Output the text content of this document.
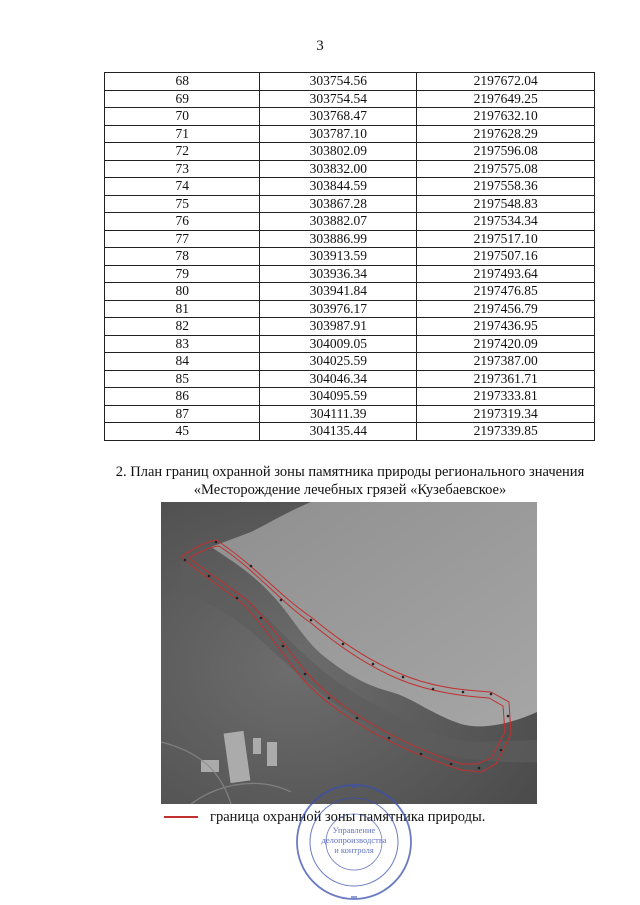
3
68	303754.56	2197672.04
69	303754.54	2197649.25
70	303768.47	2197632.10
71	303787.10	2197628.29
72	303802.09	2197596.08
73	303832.00	2197575.08
74	303844.59	2197558.36
75	303867.28	2197548.83
76	303882.07	2197534.34
77	303886.99	2197517.10
78	303913.59	2197507.16
79	303936.34	2197493.64
80	303941.84	2197476.85
81	303976.17	2197456.79
82	303987.91	2197436.95
83	304009.05	2197420.09
84	304025.59	2197387.00
85	304046.34	2197361.71
86	304095.59	2197333.81
87	304111.39	2197319.34
45	304135.44	2197339.85
2. План границ охранной зоны памятника природы регионального значения
«Месторождение лечебных грязей «Кузебаевское»
граница охранной зоны памятника природы.
Управление
делопроизводства
и контроля
